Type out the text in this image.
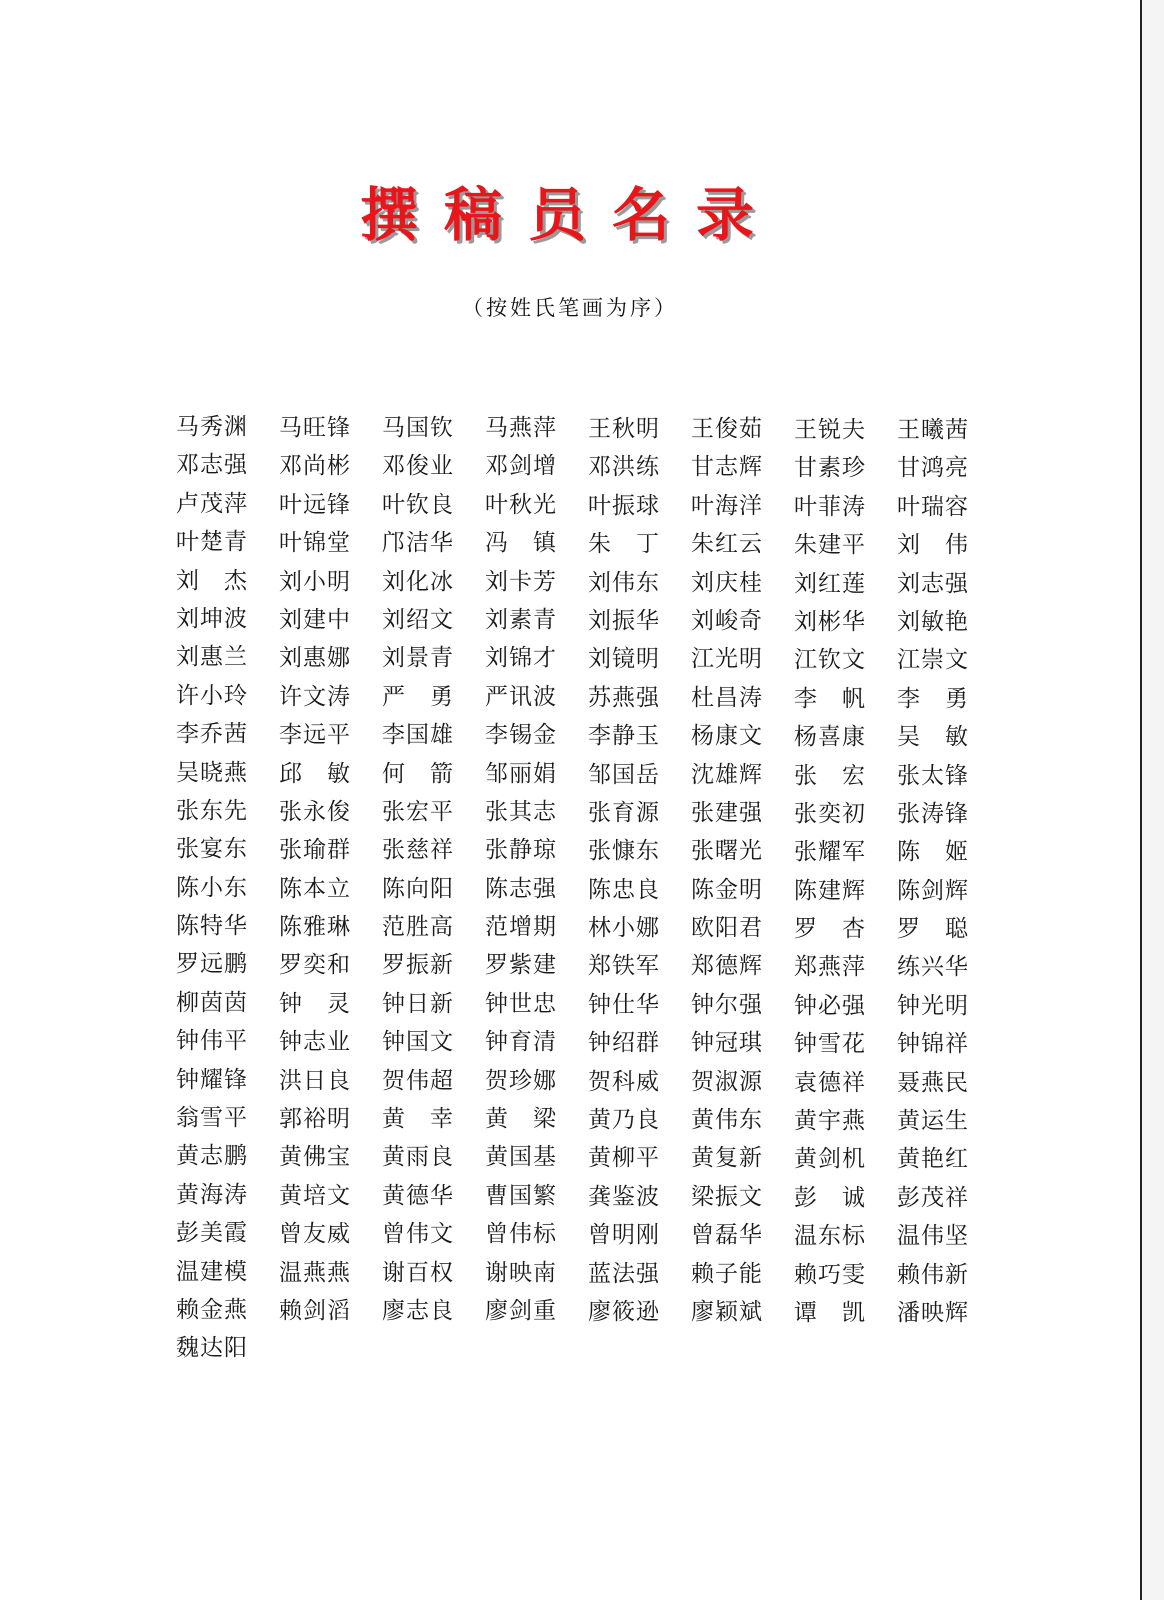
撰稿员名录
（按姓氏笔画为序）
马秀渊	马旺锋	马国钦	马燕萍	王秋明	王俊茹	王锐夫	王曦茜
邓志强	邓尚彬	邓俊业	邓剑增	邓洪练	甘志辉	甘素珍	甘鸿亮
卢茂萍	叶远锋	叶钦良	叶秋光	叶振球	叶海洋	叶菲涛	叶瑞容
叶楚青	叶锦堂	邝洁华	冯　镇	朱　丁	朱红云	朱建平	刘　伟
刘　杰	刘小明	刘化冰	刘卡芳	刘伟东	刘庆桂	刘红莲	刘志强
刘坤波	刘建中	刘绍文	刘素青	刘振华	刘峻奇	刘彬华	刘敏艳
刘惠兰	刘惠娜	刘景青	刘锦才	刘镜明	江光明	江钦文	江崇文
许小玲	许文涛	严　勇	严讯波	苏燕强	杜昌涛	李　帆	李　勇
李乔茜	李远平	李国雄	李锡金	李静玉	杨康文	杨喜康	吴　敏
吴晓燕	邱　敏	何　箭	邹丽娟	邹国岳	沈雄辉	张　宏	张太锋
张东先	张永俊	张宏平	张其志	张育源	张建强	张奕初	张涛锋
张宴东	张瑜群	张慈祥	张静琼	张慷东	张曙光	张耀军	陈　姬
陈小东	陈本立	陈向阳	陈志强	陈忠良	陈金明	陈建辉	陈剑辉
陈特华	陈雅琳	范胜高	范增期	林小娜	欧阳君	罗　杏	罗　聪
罗远鹏	罗奕和	罗振新	罗紫建	郑铁军	郑德辉	郑燕萍	练兴华
柳茵茵	钟　灵	钟日新	钟世忠	钟仕华	钟尔强	钟必强	钟光明
钟伟平	钟志业	钟国文	钟育清	钟绍群	钟冠琪	钟雪花	钟锦祥
钟耀锋	洪日良	贺伟超	贺珍娜	贺科威	贺淑源	袁德祥	聂燕民
翁雪平	郭裕明	黄　幸	黄　梁	黄乃良	黄伟东	黄宇燕	黄运生
黄志鹏	黄佛宝	黄雨良	黄国基	黄柳平	黄复新	黄剑机	黄艳红
黄海涛	黄培文	黄德华	曹国繁	龚鉴波	梁振文	彭　诚	彭茂祥
彭美霞	曾友威	曾伟文	曾伟标	曾明刚	曾磊华	温东标	温伟坚
温建模	温燕燕	谢百权	谢映南	蓝法强	赖子能	赖巧雯	赖伟新
赖金燕	赖剑滔	廖志良	廖剑重	廖筱逊	廖颖斌	谭　凯	潘映辉
魏达阳
